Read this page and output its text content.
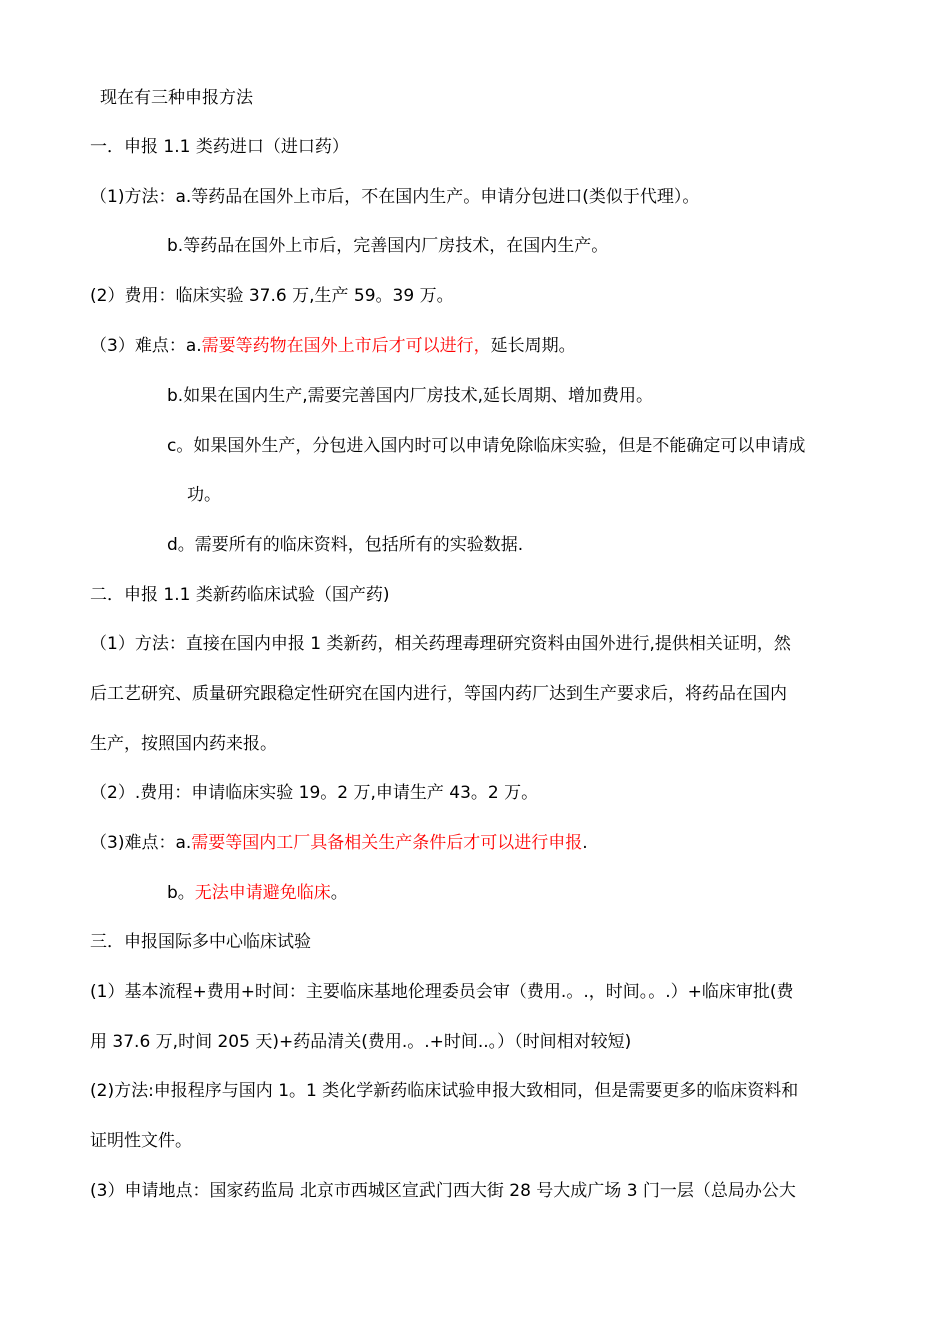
现在有三种申报方法
一．申报 1.1 类药进口（进口药）
（1)方法：a.等药品在国外上市后，不在国内生产。申请分包进口(类似于代理）。
b.等药品在国外上市后，完善国内厂房技术，在国内生产。
(2）费用：临床实验 37.6 万,生产 59。39 万。
（3）难点：a.需要等药物在国外上市后才可以进行，延长周期。
b.如果在国内生产,需要完善国内厂房技术,延长周期、增加费用。
c。如果国外生产，分包进入国内时可以申请免除临床实验，但是不能确定可以申请成
功。
d。需要所有的临床资料，包括所有的实验数据.
二．申报 1.1 类新药临床试验（国产药)
（1）方法：直接在国内申报 1 类新药，相关药理毒理研究资料由国外进行,提供相关证明，然
后工艺研究、质量研究跟稳定性研究在国内进行，等国内药厂达到生产要求后，将药品在国内
生产，按照国内药来报。
（2）.费用：申请临床实验 19。2 万,申请生产 43。2 万。
（3)难点：a.需要等国内工厂具备相关生产条件后才可以进行申报.
b。无法申请避免临床。
三．申报国际多中心临床试验
(1）基本流程+费用+时间：主要临床基地伦理委员会审（费用.。.，时间。。.）+临床审批(费
用 37.6 万,时间 205 天)+药品清关(费用.。.+时间..。）（时间相对较短)
(2)方法:申报程序与国内 1。1 类化学新药临床试验申报大致相同，但是需要更多的临床资料和
证明性文件。
(3）申请地点：国家药监局 北京市西城区宣武门西大街 28 号大成广场 3 门一层（总局办公大
